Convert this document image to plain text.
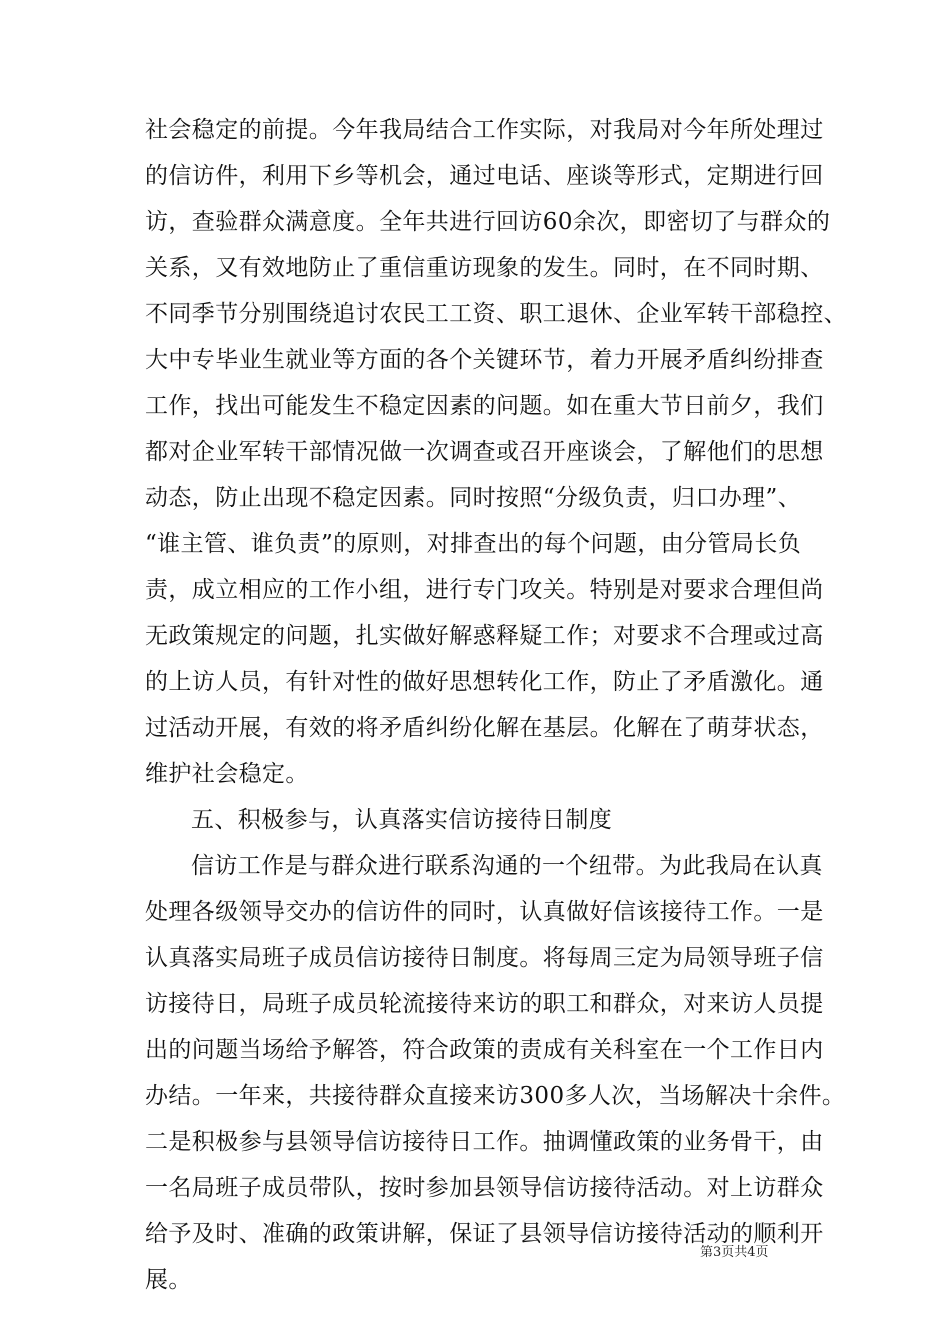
社会稳定的前提。今年我局结合工作实际，对我局对今年所处理过
的信访件，利用下乡等机会，通过电话、座谈等形式，定期进行回
访，查验群众满意度。全年共进行回访60余次，即密切了与群众的
关系，又有效地防止了重信重访现象的发生。同时，在不同时期、
不同季节分别围绕追讨农民工工资、职工退休、企业军转干部稳控、
大中专毕业生就业等方面的各个关键环节，着力开展矛盾纠纷排查
工作，找出可能发生不稳定因素的问题。如在重大节日前夕，我们
都对企业军转干部情况做一次调查或召开座谈会，了解他们的思想
动态，防止出现不稳定因素。同时按照“分级负责，归口办理”、
“谁主管、谁负责”的原则，对排查出的每个问题，由分管局长负
责，成立相应的工作小组，进行专门攻关。特别是对要求合理但尚
无政策规定的问题，扎实做好解惑释疑工作；对要求不合理或过高
的上访人员，有针对性的做好思想转化工作，防止了矛盾激化。通
过活动开展，有效的将矛盾纠纷化解在基层。化解在了萌芽状态，
维护社会稳定。
五、积极参与，认真落实信访接待日制度
信访工作是与群众进行联系沟通的一个纽带。为此我局在认真
处理各级领导交办的信访件的同时，认真做好信该接待工作。一是
认真落实局班子成员信访接待日制度。将每周三定为局领导班子信
访接待日，局班子成员轮流接待来访的职工和群众，对来访人员提
出的问题当场给予解答，符合政策的责成有关科室在一个工作日内
办结。一年来，共接待群众直接来访300多人次，当场解决十余件。
二是积极参与县领导信访接待日工作。抽调懂政策的业务骨干，由
一名局班子成员带队，按时参加县领导信访接待活动。对上访群众
给予及时、准确的政策讲解，保证了县领导信访接待活动的顺利开
展。
第3页共4页
